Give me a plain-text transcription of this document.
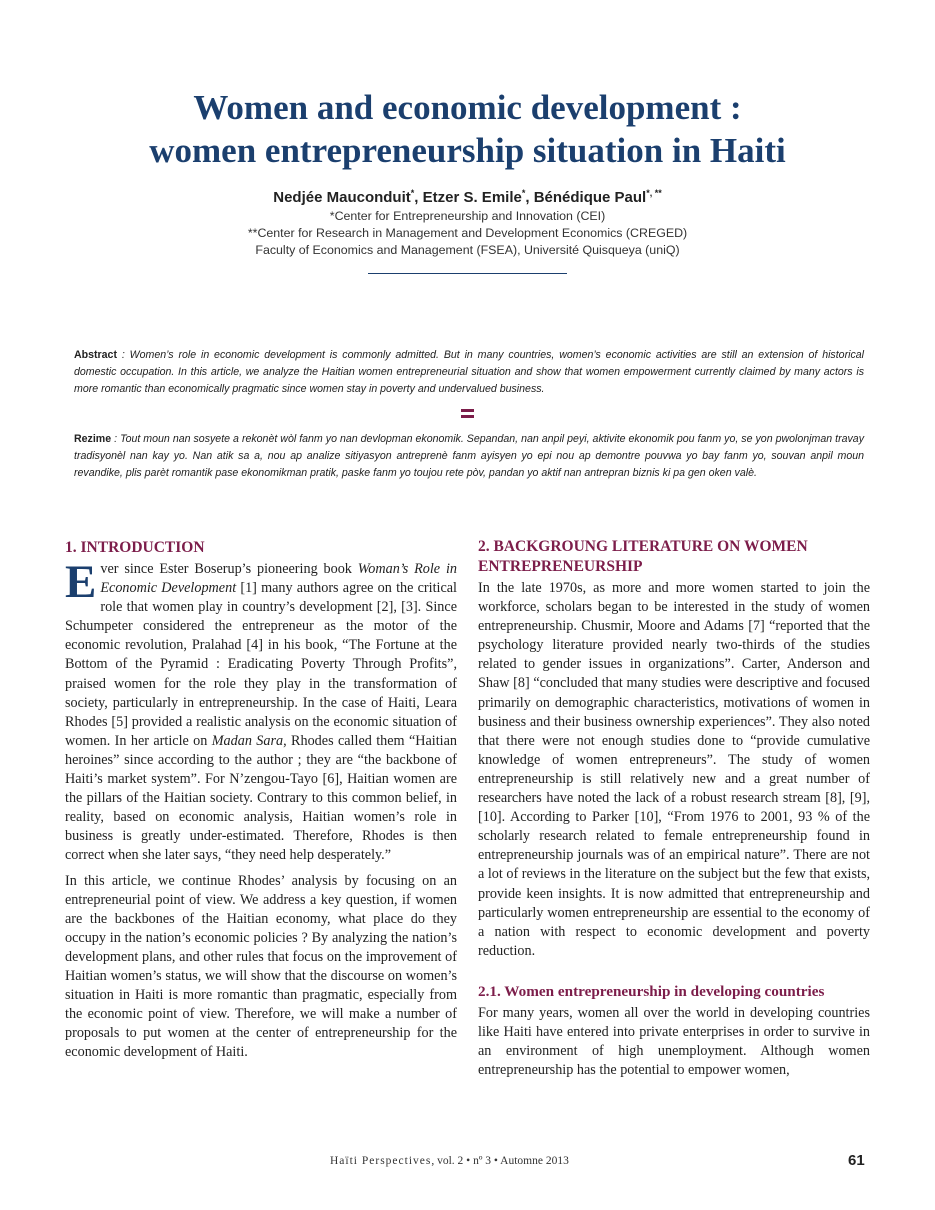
Women and economic development :
women entrepreneurship situation in Haiti
Nedjée Mauconduit*, Etzer S. Emile*, Bénédique Paul*, **
*Center for Entrepreneurship and Innovation (CEI)
**Center for Research in Management and Development Economics (CREGED)
Faculty of Economics and Management (FSEA), Université Quisqueya (uniQ)
Abstract : Women’s role in economic development is commonly admitted. But in many countries, women’s economic activities are still an extension of historical domestic occupation. In this article, we analyze the Haitian women entrepreneurial situation and show that women empowerment currently claimed by many actors is more romantic than economically pragmatic since women stay in poverty and undervalued business.
Rezime : Tout moun nan sosyete a rekonèt wòl fanm yo nan devlopman ekonomik. Sepandan, nan anpil peyi, aktivite ekonomik pou fanm yo, se yon pwolonjman travay tradisyonèl nan kay yo. Nan atik sa a, nou ap analize sitiyasyon antreprenè fanm ayisyen yo epi nou ap demontre pouvwa yo bay fanm yo, souvan anpil moun revandike, plis parèt romantik pase ekonomikman pratik, paske fanm yo toujou rete pòv, pandan yo aktif nan antrepran biznis ki pa gen oken valè.
1. INTRODUCTION

Ever since Ester Boserup’s pioneering book Woman’s Role in Economic Development [1] many authors agree on the critical role that women play in country’s development [2], [3]. Since Schumpeter considered the entrepreneur as the motor of the economic revolution, Pralahad [4] in his book, “The Fortune at the Bottom of the Pyramid : Eradicating Poverty Through Profits”, praised women for the role they play in the transformation of society, particularly in entrepreneurship. In the case of Haiti, Leara Rhodes [5] provided a realistic analysis on the economic situation of women. In her article on Madan Sara, Rhodes called them “Haitian heroines” since according to the author ; they are “the backbone of Haiti’s market system”. For N’zengou-Tayo [6], Haitian women are the pillars of the Haitian society. Contrary to this common belief, in reality, based on economic analysis, Haitian women’s role in business is greatly under-estimated. Therefore, Rhodes is then correct when she later says, “they need help desperately.”

In this article, we continue Rhodes’ analysis by focusing on an entrepreneurial point of view. We address a key question, if women are the backbones of the Haitian economy, what place do they occupy in the nation’s economic policies ? By analyzing the nation’s development plans, and other rules that focus on the improvement of Haitian women’s status, we will show that the discourse on women’s situation in Haiti is more romantic than pragmatic, especially from the economic point of view. Therefore, we will make a number of proposals to put women at the center of entrepreneurship for the economic development of Haiti.

2. BACKGROUNG LITERATURE ON WOMEN ENTREPRENEURSHIP

In the late 1970s, as more and more women started to join the workforce, scholars began to be interested in the study of women entrepreneurship. Chusmir, Moore and Adams [7] “reported that the psychology literature provided nearly two-thirds of the studies related to gender issues in organizations”. Carter, Anderson and Shaw [8] “concluded that many studies were descriptive and focused primarily on demographic characteristics, motivations of women in business and their business ownership experiences”. They also noted that there were not enough studies done to “provide cumulative knowledge of women entrepreneurs”. The study of women entrepreneurship is still relatively new and a great number of researchers have noted the lack of a robust research stream [8], [9], [10]. According to Parker [10], “From 1976 to 2001, 93 % of the scholarly research related to female entrepreneurship found in entrepreneurship journals was of an empirical nature”. There are not a lot of reviews in the literature on the subject but the few that exists, provide keen insights. It is now admitted that entrepreneurship and particularly women entrepreneurship are essential to the economy of a nation with respect to economic development and poverty reduction.

2.1. Women entrepreneurship in developing countries

For many years, women all over the world in developing countries like Haiti have entered into private enterprises in order to survive in an environment of high unemployment. Although women entrepreneurship has the potential to empower women,

Haïti Perspectives, vol. 2 • nº 3 • Automne 2013	61
